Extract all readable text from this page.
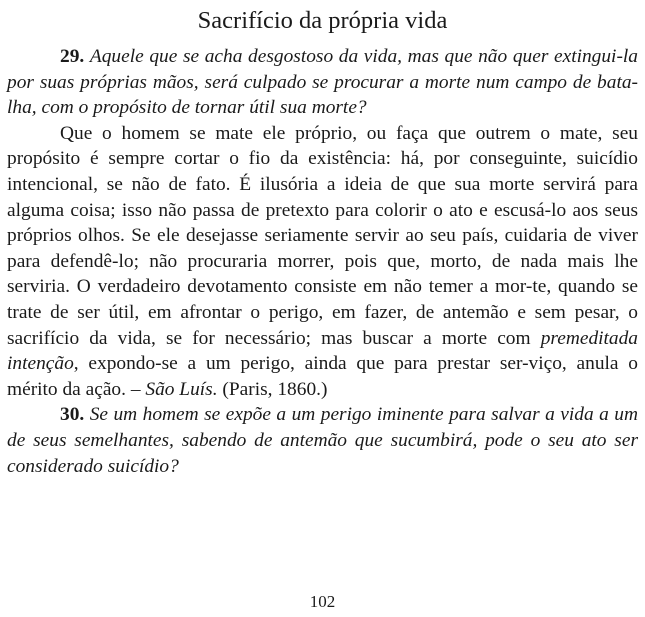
Sacrifício da própria vida

29. Aquele que se acha desgostoso da vida, mas que não quer extingui-la por suas próprias mãos, será culpado se procurar a morte num campo de bata-lha, com o propósito de tornar útil sua morte?

Que o homem se mate ele próprio, ou faça que outrem o mate, seu propósito é sempre cortar o fio da existência: há, por conseguinte, suicídio intencional, se não de fato. É ilusória a ideia de que sua morte servirá para alguma coisa; isso não passa de pretexto para colorir o ato e escusá-lo aos seus próprios olhos. Se ele desejasse seriamente servir ao seu país, cuidaria de viver para defendê-lo; não procuraria morrer, pois que, morto, de nada mais lhe serviria. O verdadeiro devotamento consiste em não temer a mor-te, quando se trate de ser útil, em afrontar o perigo, em fazer, de antemão e sem pesar, o sacrifício da vida, se for necessário; mas buscar a morte com premeditada intenção, expondo-se a um perigo, ainda que para prestar ser-viço, anula o mérito da ação. – São Luís. (Paris, 1860.)

30. Se um homem se expõe a um perigo iminente para salvar a vida a um de seus semelhantes, sabendo de antemão que sucumbirá, pode o seu ato ser considerado suicídio?

102
